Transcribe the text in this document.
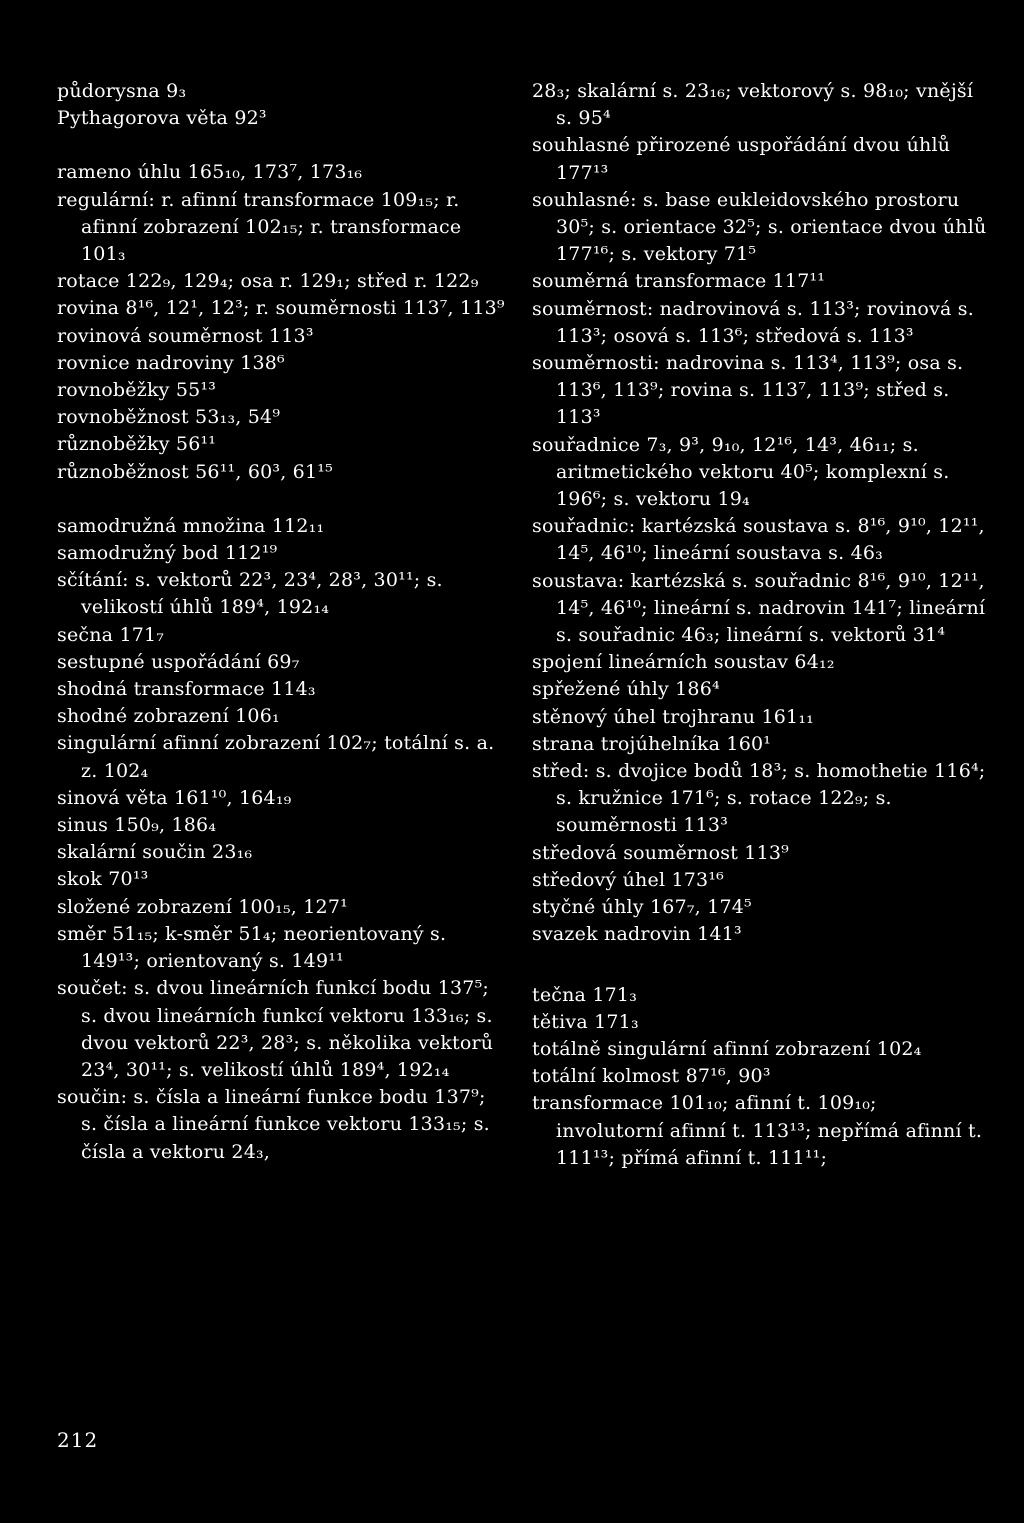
půdorysna 9₃

Pythagorova věta 92³

rameno úhlu 165₁₀, 173⁷, 173₁₆

regulární: r. afinní transformace 109₁₅; r. afinní zobrazení 102₁₅; r. transformace 101₃

rotace 122₉, 129₄; osa r. 129₁; střed r. 122₉

rovina 8¹⁶, 12¹, 12³; r. souměrnosti 113⁷, 113⁹

rovinová souměrnost 113³

rovnice nadroviny 138⁶

rovnoběžky 55¹³

rovnoběžnost 53₁₃, 54⁹

různoběžky 56¹¹

různoběžnost 56¹¹, 60³, 61¹⁵

samodružná množina 112₁₁

samodružný bod 112¹⁹

sčítání: s. vektorů 22³, 23⁴, 28³, 30¹¹; s. velikostí úhlů 189⁴, 192₁₄

sečna 171₇

sestupné uspořádání 69₇

shodná transformace 114₃

shodné zobrazení 106₁

singulární afinní zobrazení 102₇; totální s. a. z. 102₄

sinová věta 161¹⁰, 164₁₉

sinus 150₉, 186₄

skalární součin 23₁₆

skok 70¹³

složené zobrazení 100₁₅, 127¹

směr 51₁₅; k-směr 51₄; neorientovaný s. 149¹³; orientovaný s. 149¹¹

součet: s. dvou lineárních funkcí bodu 137⁵; s. dvou lineárních funkcí vektoru 133₁₆; s. dvou vektorů 22³, 28³; s. několika vektorů 23⁴, 30¹¹; s. velikostí úhlů 189⁴, 192₁₄

součin: s. čísla a lineární funkce bodu 137⁹; s. čísla a lineární funkce vektoru 133₁₅; s. čísla a vektoru 24₃,

28₃; skalární s. 23₁₆; vektorový s. 98₁₀; vnější s. 95⁴

souhlasné přirozené uspořádání dvou úhlů 177¹³

souhlasné: s. base eukleidovského prostoru 30⁵; s. orientace 32⁵; s. orientace dvou úhlů 177¹⁶; s. vektory 71⁵

souměrná transformace 117¹¹

souměrnost: nadrovinová s. 113³; rovinová s. 113³; osová s. 113⁶; středová s. 113³

souměrnosti: nadrovina s. 113⁴, 113⁹; osa s. 113⁶, 113⁹; rovina s. 113⁷, 113⁹; střed s. 113³

souřadnice 7₃, 9³, 9₁₀, 12¹⁶, 14³, 46₁₁; s. aritmetického vektoru 40⁵; komplexní s. 196⁶; s. vektoru 19₄

souřadnic: kartézská soustava s. 8¹⁶, 9¹⁰, 12¹¹, 14⁵, 46¹⁰; lineární soustava s. 46₃

soustava: kartézská s. souřadnic 8¹⁶, 9¹⁰, 12¹¹, 14⁵, 46¹⁰; lineární s. nadrovin 141⁷; lineární s. souřadnic 46₃; lineární s. vektorů 31⁴

spojení lineárních soustav 64₁₂

spřežené úhly 186⁴

stěnový úhel trojhranu 161₁₁

strana trojúhelníka 160¹

střed: s. dvojice bodů 18³; s. homothetie 116⁴; s. kružnice 171⁶; s. rotace 122₉; s. souměrnosti 113³

středová souměrnost 113⁹

středový úhel 173¹⁶

styčné úhly 167₇, 174⁵

svazek nadrovin 141³

tečna 171₃

tětiva 171₃

totálně singulární afinní zobrazení 102₄

totální kolmost 87¹⁶, 90³

transformace 101₁₀; afinní t. 109₁₀; involutorní afinní t. 113¹³; nepřímá afinní t. 111¹³; přímá afinní t. 111¹¹;

212
